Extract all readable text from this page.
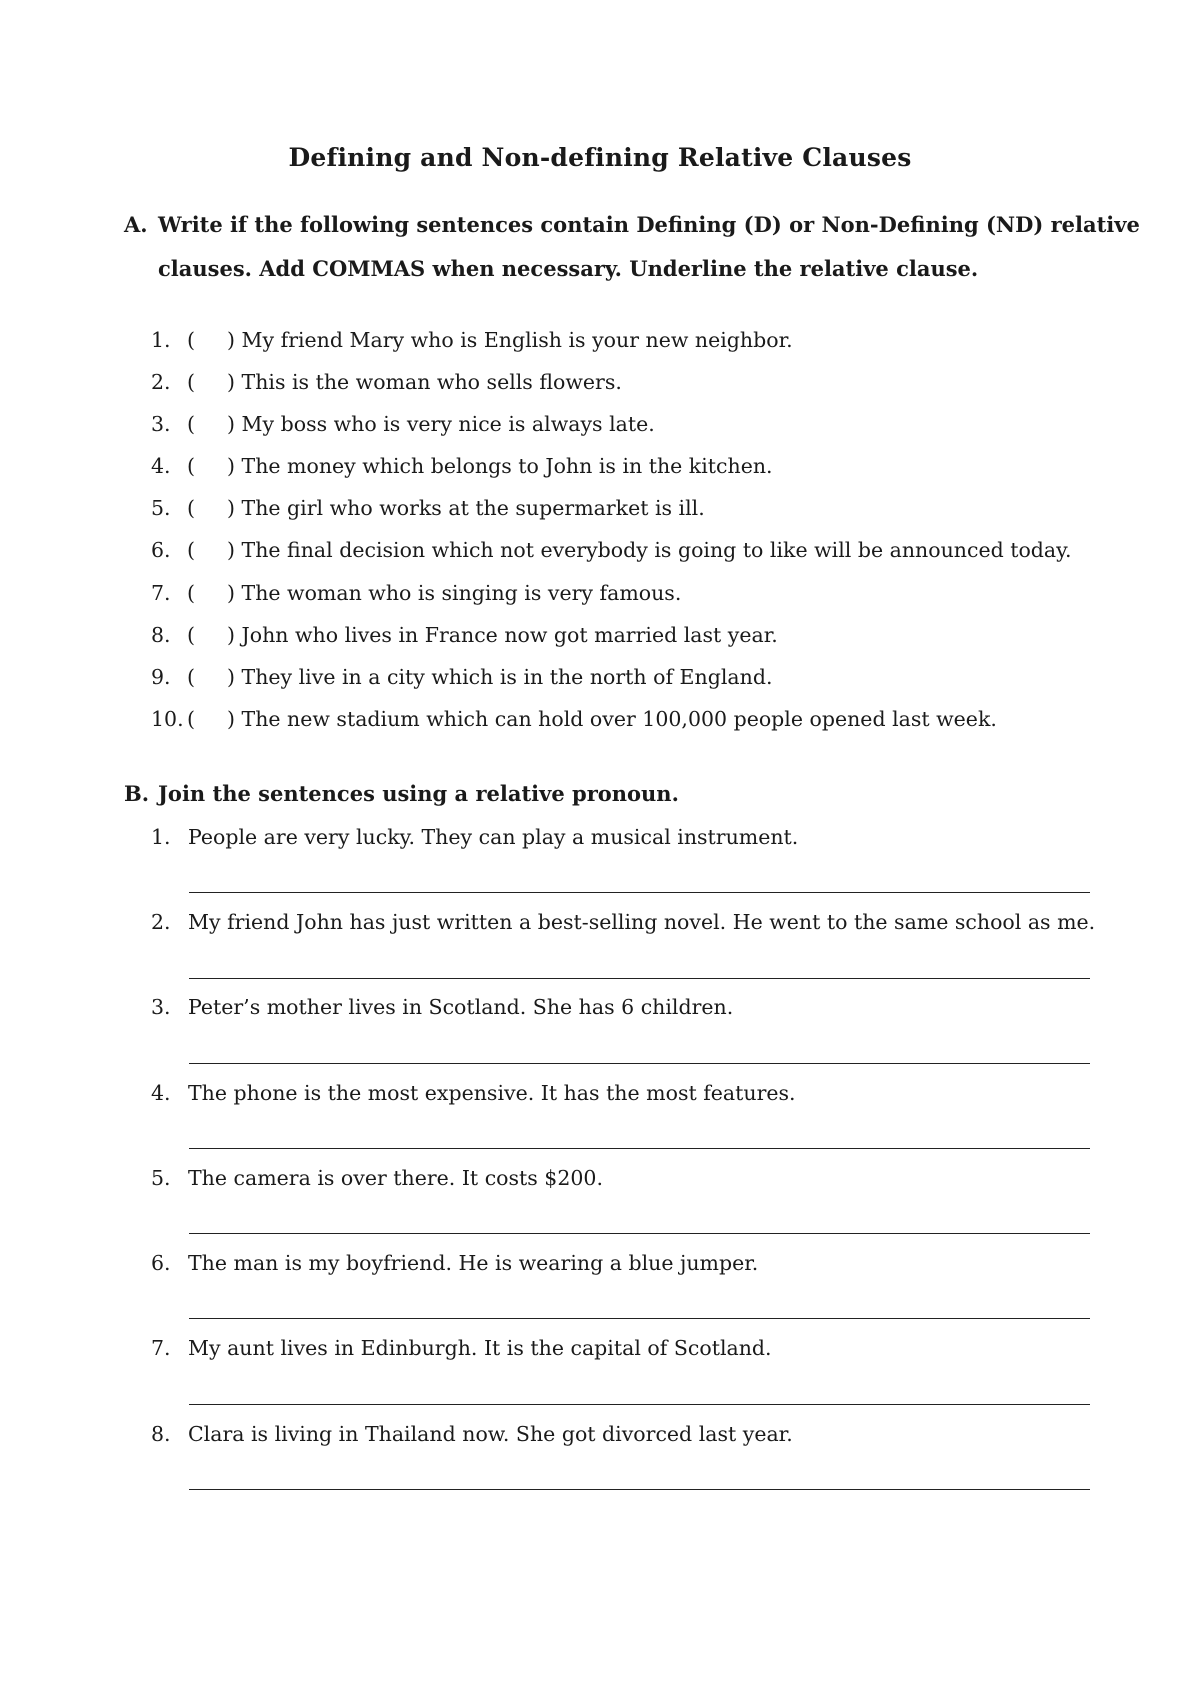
Defining and Non-defining Relative Clauses
A. Write if the following sentences contain Defining (D) or Non-Defining (ND) relative
clauses. Add COMMAS when necessary. Underline the relative clause.
1. ( ) My friend Mary who is English is your new neighbor.
2. ( ) This is the woman who sells flowers.
3. ( ) My boss who is very nice is always late.
4. ( ) The money which belongs to John is in the kitchen.
5. ( ) The girl who works at the supermarket is ill.
6. ( ) The final decision which not everybody is going to like will be announced today.
7. ( ) The woman who is singing is very famous.
8. ( ) John who lives in France now got married last year.
9. ( ) They live in a city which is in the north of England.
10. ( ) The new stadium which can hold over 100,000 people opened last week.
B. Join the sentences using a relative pronoun.
1. People are very lucky. They can play a musical instrument.
2. My friend John has just written a best-selling novel. He went to the same school as me.
3. Peter’s mother lives in Scotland. She has 6 children.
4. The phone is the most expensive. It has the most features.
5. The camera is over there. It costs $200.
6. The man is my boyfriend. He is wearing a blue jumper.
7. My aunt lives in Edinburgh. It is the capital of Scotland.
8. Clara is living in Thailand now. She got divorced last year.
